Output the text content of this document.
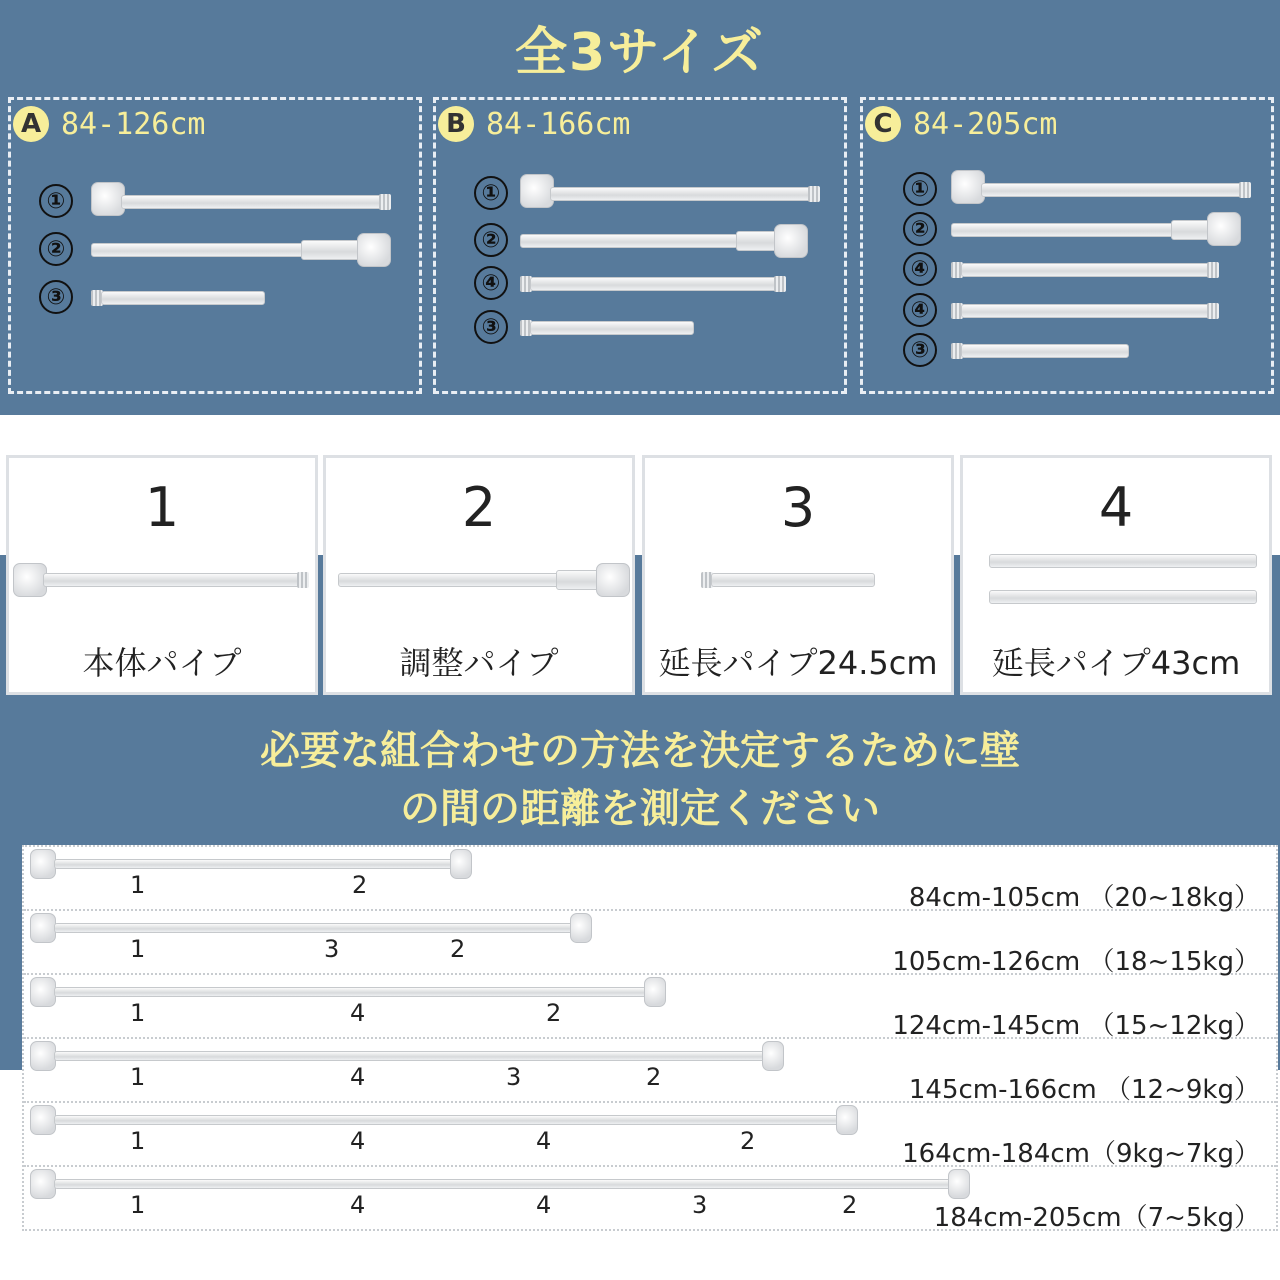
全3サイズ
A 84-126cm
①
②
③
B 84-166cm
①
②
④
③
C 84-205cm
①
②
④
④
③
1
本体パイプ
2
調整パイプ
3
延長パイプ24.5cm
4
延長パイプ43cm
必要な組合わせの方法を決定するために壁
の間の距離を測定ください
1	2	84cm-105cm （20~18kg）
1	3	2	105cm-126cm （18~15kg）
1	4	2	124cm-145cm （15~12kg）
1	4	3	2	145cm-166cm （12~9kg）
1	4	4	2	164cm-184cm（9kg~7kg）
1	4	4	3	2	184cm-205cm（7~5kg）
